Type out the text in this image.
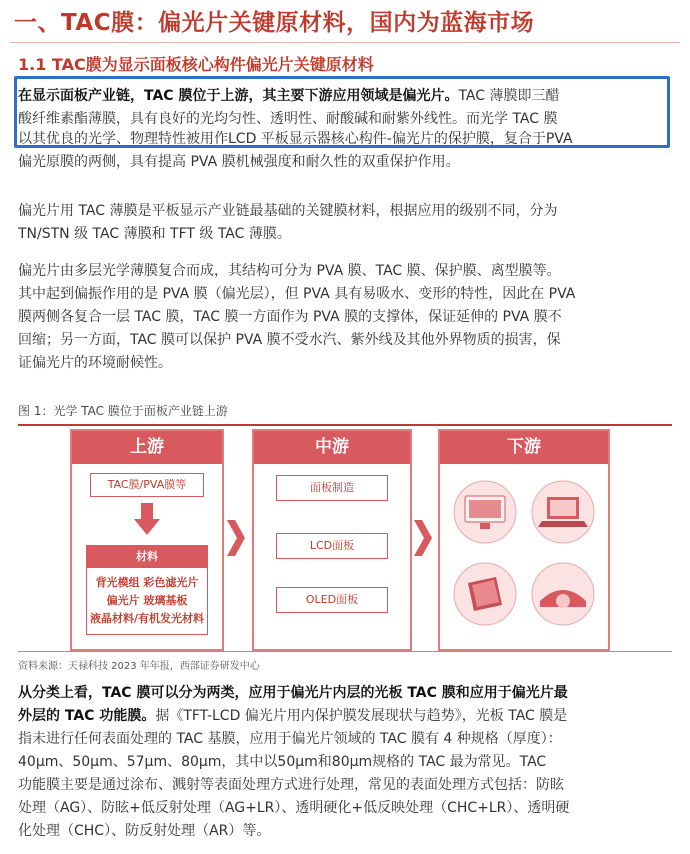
一、TAC膜：偏光片关键原材料，国内为蓝海市场
1.1 TAC膜为显示面板核心构件偏光片关键原材料
在显示面板产业链，TAC 膜位于上游，其主要下游应用领域是偏光片。TAC 薄膜即三醋
酸纤维素酯薄膜，具有良好的光均匀性、透明性、耐酸碱和耐紫外线性。而光学 TAC 膜
以其优良的光学、物理特性被用作LCD 平板显示器核心构件-偏光片的保护膜，复合于PVA
偏光原膜的两侧，具有提高 PVA 膜机械强度和耐久性的双重保护作用。
偏光片用 TAC 薄膜是平板显示产业链最基础的关键膜材料，根据应用的级别不同，分为
TN/STN 级 TAC 薄膜和 TFT 级 TAC 薄膜。
偏光片由多层光学薄膜复合而成，其结构可分为 PVA 膜、TAC 膜、保护膜、离型膜等。
其中起到偏振作用的是 PVA 膜（偏光层），但 PVA 具有易吸水、变形的特性，因此在 PVA
膜两侧各复合一层 TAC 膜，TAC 膜一方面作为 PVA 膜的支撑体，保证延伸的 PVA 膜不
回缩；另一方面，TAC 膜可以保护 PVA 膜不受水汽、紫外线及其他外界物质的损害，保
证偏光片的环境耐候性。
图 1：光学 TAC 膜位于面板产业链上游
上游
TAC膜/PVA膜等
材料
背光模组 彩色滤光片
偏光片 玻璃基板
液晶材料/有机发光材料
中游
面板制造
LCD面板
OLED面板
下游
资料来源：天禄科技 2023 年年报，西部证券研发中心
从分类上看，TAC 膜可以分为两类，应用于偏光片内层的光板 TAC 膜和应用于偏光片最
外层的 TAC 功能膜。据《TFT-LCD 偏光片用内保护膜发展现状与趋势》，光板 TAC 膜是
指未进行任何表面处理的 TAC 基膜，应用于偏光片领域的 TAC 膜有 4 种规格（厚度）：
40μm、50μm、57μm、80μm，其中以50μm和80μm规格的 TAC 最为常见。TAC
功能膜主要是通过涂布、溅射等表面处理方式进行处理，常见的表面处理方式包括：防眩
处理（AG）、防眩+低反射处理（AG+LR）、透明硬化+低反映处理（CHC+LR）、透明硬
化处理（CHC）、防反射处理（AR）等。
